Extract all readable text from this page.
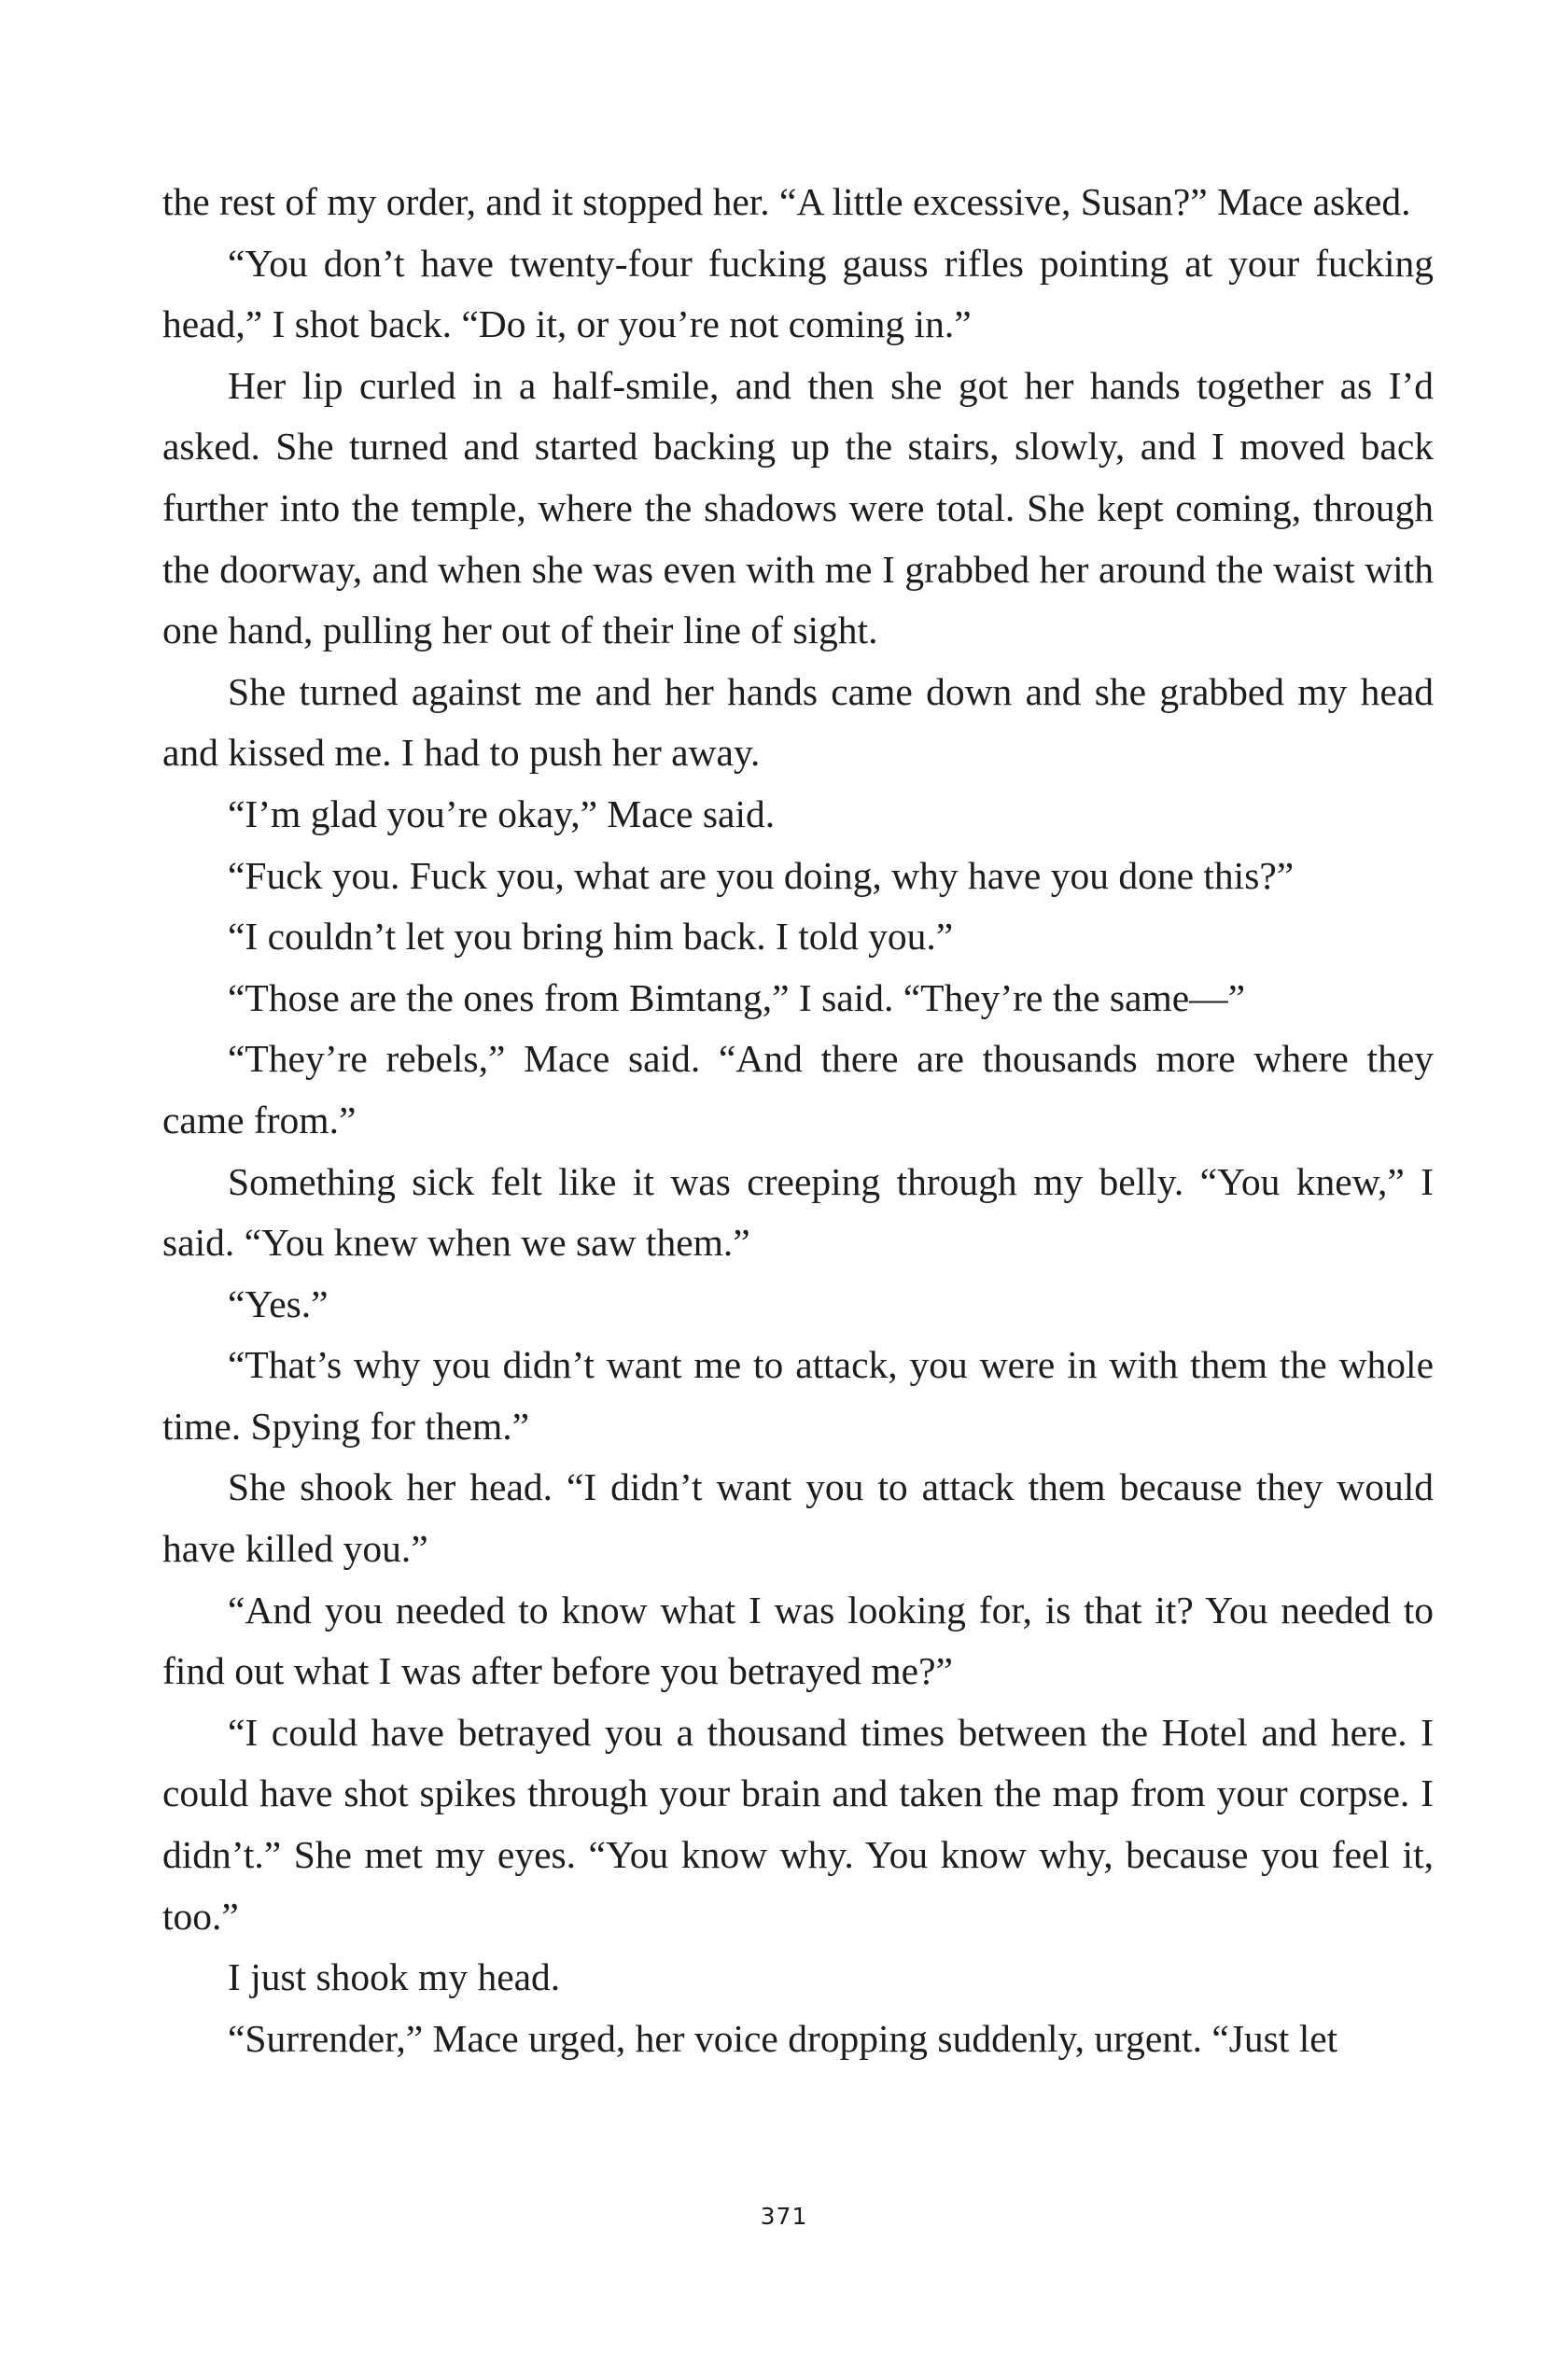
the rest of my order, and it stopped her. “A little excessive, Susan?” Mace asked.

“You don’t have twenty-four fucking gauss rifles pointing at your fucking head,” I shot back. “Do it, or you’re not coming in.”

Her lip curled in a half-smile, and then she got her hands together as I’d asked. She turned and started backing up the stairs, slowly, and I moved back further into the temple, where the shadows were total. She kept coming, through the doorway, and when she was even with me I grabbed her around the waist with one hand, pulling her out of their line of sight.

She turned against me and her hands came down and she grabbed my head and kissed me. I had to push her away.

“I’m glad you’re okay,” Mace said.

“Fuck you. Fuck you, what are you doing, why have you done this?”

“I couldn’t let you bring him back. I told you.”

“Those are the ones from Bimtang,” I said. “They’re the same—”

“They’re rebels,” Mace said. “And there are thousands more where they came from.”

Something sick felt like it was creeping through my belly. “You knew,” I said. “You knew when we saw them.”

“Yes.”

“That’s why you didn’t want me to attack, you were in with them the whole time. Spying for them.”

She shook her head. “I didn’t want you to attack them because they would have killed you.”

“And you needed to know what I was looking for, is that it? You needed to find out what I was after before you betrayed me?”

“I could have betrayed you a thousand times between the Hotel and here. I could have shot spikes through your brain and taken the map from your corpse. I didn’t.” She met my eyes. “You know why. You know why, because you feel it, too.”

I just shook my head.

“Surrender,” Mace urged, her voice dropping suddenly, urgent. “Just let

371
